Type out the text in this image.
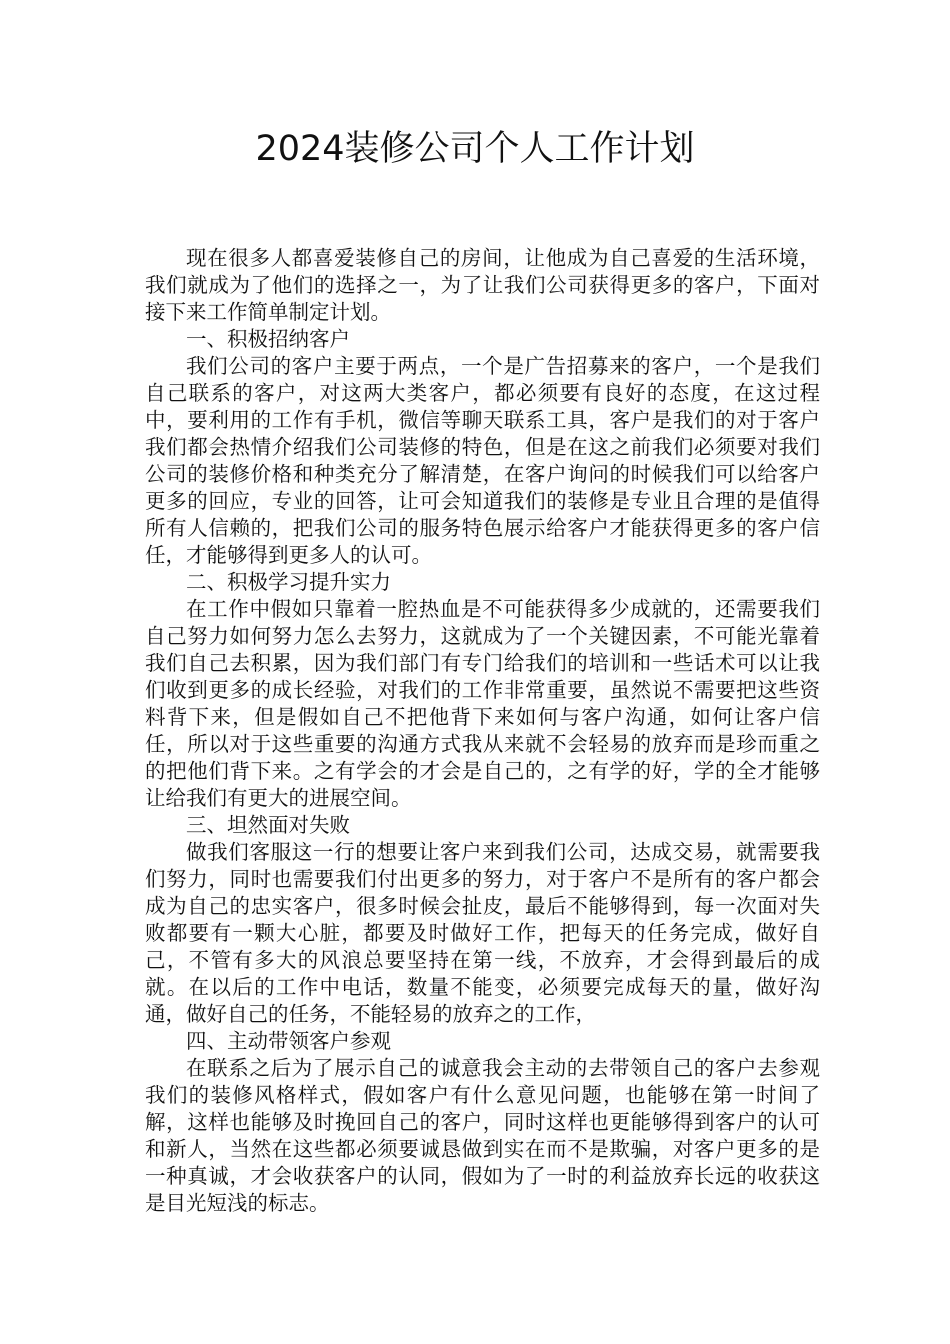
2024装修公司个人工作计划

现在很多人都喜爱装修自己的房间，让他成为自己喜爱的生活环境，我们就成为了他们的选择之一，为了让我们公司获得更多的客户，下面对接下来工作简单制定计划。

一、积极招纳客户

我们公司的客户主要于两点，一个是广告招募来的客户，一个是我们自己联系的客户，对这两大类客户，都必须要有良好的态度，在这过程中，要利用的工作有手机，微信等聊天联系工具，客户是我们的对于客户我们都会热情介绍我们公司装修的特色，但是在这之前我们必须要对我们公司的装修价格和种类充分了解清楚，在客户询问的时候我们可以给客户更多的回应，专业的回答，让可会知道我们的装修是专业且合理的是值得所有人信赖的，把我们公司的服务特色展示给客户才能获得更多的客户信任，才能够得到更多人的认可。

二、积极学习提升实力

在工作中假如只靠着一腔热血是不可能获得多少成就的，还需要我们自己努力如何努力怎么去努力，这就成为了一个关键因素，不可能光靠着我们自己去积累，因为我们部门有专门给我们的培训和一些话术可以让我们收到更多的成长经验，对我们的工作非常重要，虽然说不需要把这些资料背下来，但是假如自己不把他背下来如何与客户沟通，如何让客户信任，所以对于这些重要的沟通方式我从来就不会轻易的放弃而是珍而重之的把他们背下来。之有学会的才会是自己的，之有学的好，学的全才能够让给我们有更大的进展空间。

三、坦然面对失败

做我们客服这一行的想要让客户来到我们公司，达成交易，就需要我们努力，同时也需要我们付出更多的努力，对于客户不是所有的客户都会成为自己的忠实客户，很多时候会扯皮，最后不能够得到，每一次面对失败都要有一颗大心脏，都要及时做好工作，把每天的任务完成，做好自己，不管有多大的风浪总要坚持在第一线，不放弃，才会得到最后的成就。在以后的工作中电话，数量不能变，必须要完成每天的量，做好沟通，做好自己的任务，不能轻易的放弃之的工作，

四、主动带领客户参观

在联系之后为了展示自己的诚意我会主动的去带领自己的客户去参观我们的装修风格样式，假如客户有什么意见问题，也能够在第一时间了解，这样也能够及时挽回自己的客户，同时这样也更能够得到客户的认可和新人，当然在这些都必须要诚恳做到实在而不是欺骗，对客户更多的是一种真诚，才会收获客户的认同，假如为了一时的利益放弃长远的收获这是目光短浅的标志。
